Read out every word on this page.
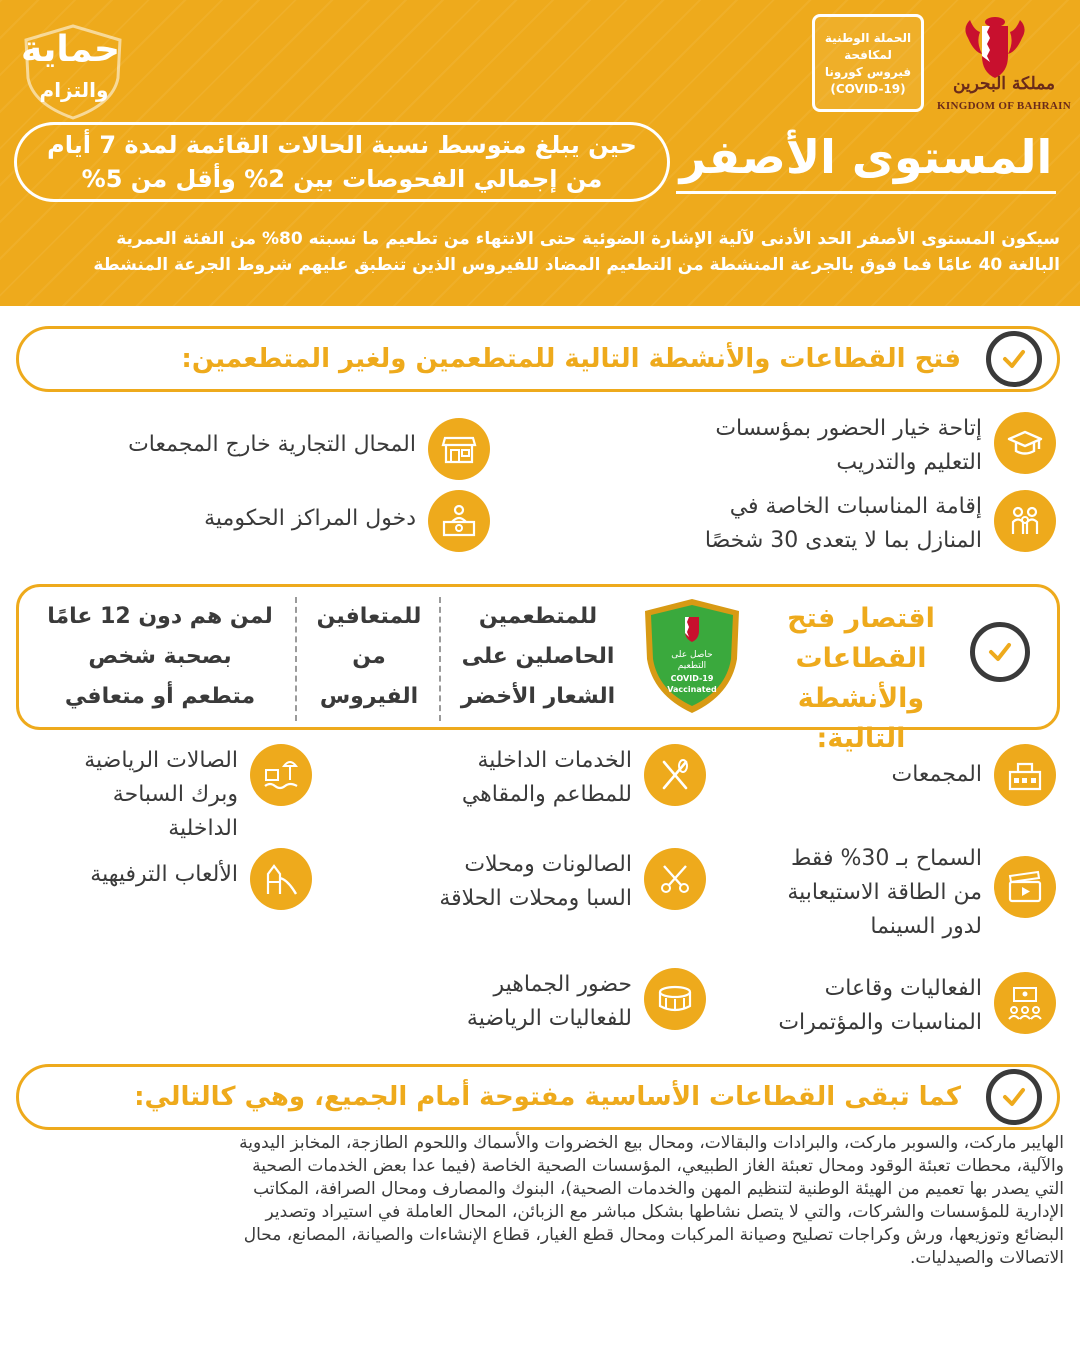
حماية
والتزام
الحملة الوطنية
لمكافحة
فيروس كورونا
(COVID-19)	مملكة البحرين
KINGDOM OF BAHRAIN
المستوى الأصفر
حين يبلغ متوسط نسبة الحالات القائمة لمدة 7 أيام
من إجمالي الفحوصات بين 2% وأقل من 5%
سيكون المستوى الأصفر الحد الأدنى لآلية الإشارة الضوئية حتى الانتهاء من تطعيم ما نسبته 80% من الفئة العمرية
البالغة 40 عامًا فما فوق بالجرعة المنشطة من التطعيم المضاد للفيروس الذين تنطبق عليهم شروط الجرعة المنشطة
فتح القطاعات والأنشطة التالية للمتطعمين ولغير المتطعمين:
إتاحة خيار الحضور بمؤسسات
التعليم والتدريب
المحال التجارية خارج المجمعات
إقامة المناسبات الخاصة في
المنازل بما لا يتعدى 30 شخصًا
دخول المراكز الحكومية
اقتصار فتح
القطاعات
والأنشطة التالية:
حاصل على
التطعيم
COVID-19
Vaccinated
للمتطعمين
الحاصلين على
الشعار الأخضر
للمتعافين
من
الفيروس
لمن هم دون 12 عامًا
بصحبة شخص
متطعم أو متعافي
المجمعات
الخدمات الداخلية
للمطاعم والمقاهي
الصالات الرياضية
وبرك السباحة
الداخلية
السماح بـ 30% فقط
من الطاقة الاستيعابية
لدور السينما
الصالونات ومحلات
السبا ومحلات الحلاقة
الألعاب الترفيهية
الفعاليات وقاعات
المناسبات والمؤتمرات
حضور الجماهير
للفعاليات الرياضية
كما تبقى القطاعات الأساسية مفتوحة أمام الجميع، وهي كالتالي:
الهايبر ماركت، والسوبر ماركت، والبرادات والبقالات، ومحال بيع الخضروات والأسماك واللحوم الطازجة، المخابز اليدوية
والآلية، محطات تعبئة الوقود ومحال تعبئة الغاز الطبيعي، المؤسسات الصحية الخاصة (فيما عدا بعض الخدمات الصحية
التي يصدر بها تعميم من الهيئة الوطنية لتنظيم المهن والخدمات الصحية)، البنوك والمصارف ومحال الصرافة، المكاتب
الإدارية للمؤسسات والشركات، والتي لا يتصل نشاطها بشكل مباشر مع الزبائن، المحال العاملة في استيراد وتصدير
البضائع وتوزيعها، ورش وكراجات تصليح وصيانة المركبات ومحال قطع الغيار، قطاع الإنشاءات والصيانة، المصانع، محال
الاتصالات والصيدليات.
